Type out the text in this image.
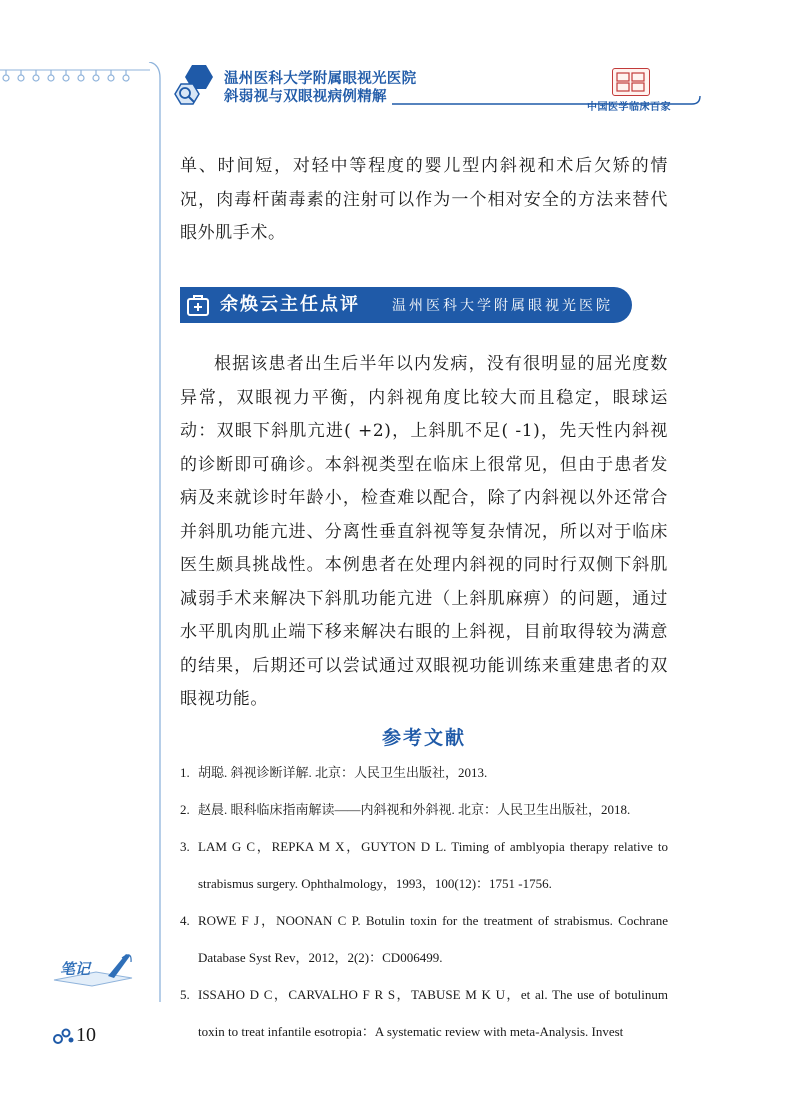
温州医科大学附属眼视光医院
斜弱视与双眼视病例精解
中国医学临床百家

单、时间短，对轻中等程度的婴儿型内斜视和术后欠矫的情况，肉毒杆菌毒素的注射可以作为一个相对安全的方法来替代眼外肌手术。

余焕云主任点评 温州医科大学附属眼视光医院

根据该患者出生后半年以内发病，没有很明显的屈光度数异常，双眼视力平衡，内斜视角度比较大而且稳定，眼球运动：双眼下斜肌亢进( +2)，上斜肌不足( -1)，先天性内斜视的诊断即可确诊。本斜视类型在临床上很常见，但由于患者发病及来就诊时年龄小，检查难以配合，除了内斜视以外还常合并斜肌功能亢进、分离性垂直斜视等复杂情况，所以对于临床医生颇具挑战性。本例患者在处理内斜视的同时行双侧下斜肌减弱手术来解决下斜肌功能亢进（上斜肌麻痹）的问题，通过水平肌肉肌止端下移来解决右眼的上斜视，目前取得较为满意的结果，后期还可以尝试通过双眼视功能训练来重建患者的双眼视功能。

参考文献
1. 胡聪. 斜视诊断详解. 北京：人民卫生出版社，2013.
2. 赵晨. 眼科临床指南解读——内斜视和外斜视. 北京：人民卫生出版社，2018.
3. LAM G C，REPKA M X，GUYTON D L. Timing of amblyopia therapy relative to strabismus surgery. Ophthalmology，1993，100(12)：1751 -1756.
4. ROWE F J，NOONAN C P. Botulin toxin for the treatment of strabismus. Cochrane Database Syst Rev，2012，2(2)：CD006499.
5. ISSAHO D C，CARVALHO F R S，TABUSE M K U，et al. The use of botulinum toxin to treat infantile esotropia：A systematic review with meta-Analysis. Invest
笔记
10
